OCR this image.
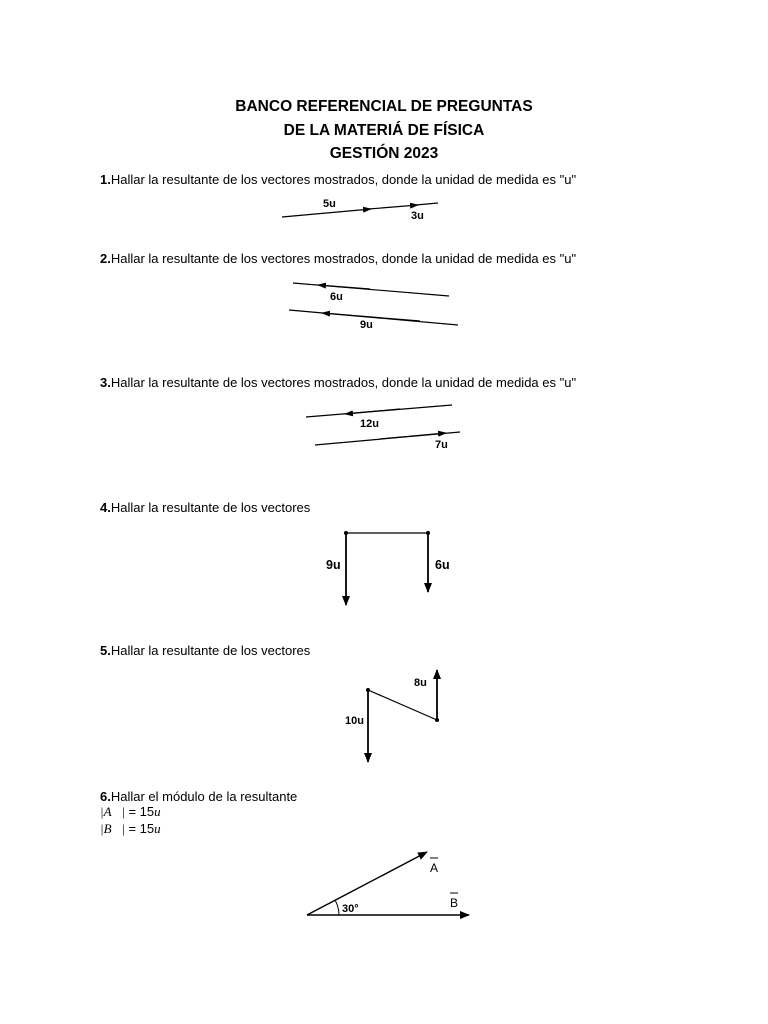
BANCO REFERENCIAL DE PREGUNTAS
DE LA MATERIÁ DE FÍSICA
GESTIÓN 2023
1.Hallar la resultante de los vectores mostrados, donde la unidad de medida es "u"
2.Hallar la resultante de los vectores mostrados, donde la unidad de medida es "u"
3.Hallar la resultante de los vectores mostrados, donde la unidad de medida es "u"
4.Hallar la resultante de los vectores
5.Hallar la resultante de los vectores
6.Hallar el módulo de la resultante
|A⃗| = 15u
|B⃗| = 15u
5u
3u
6u
9u
12u
7u
9u	6u
8u
10u
30°
A
B
